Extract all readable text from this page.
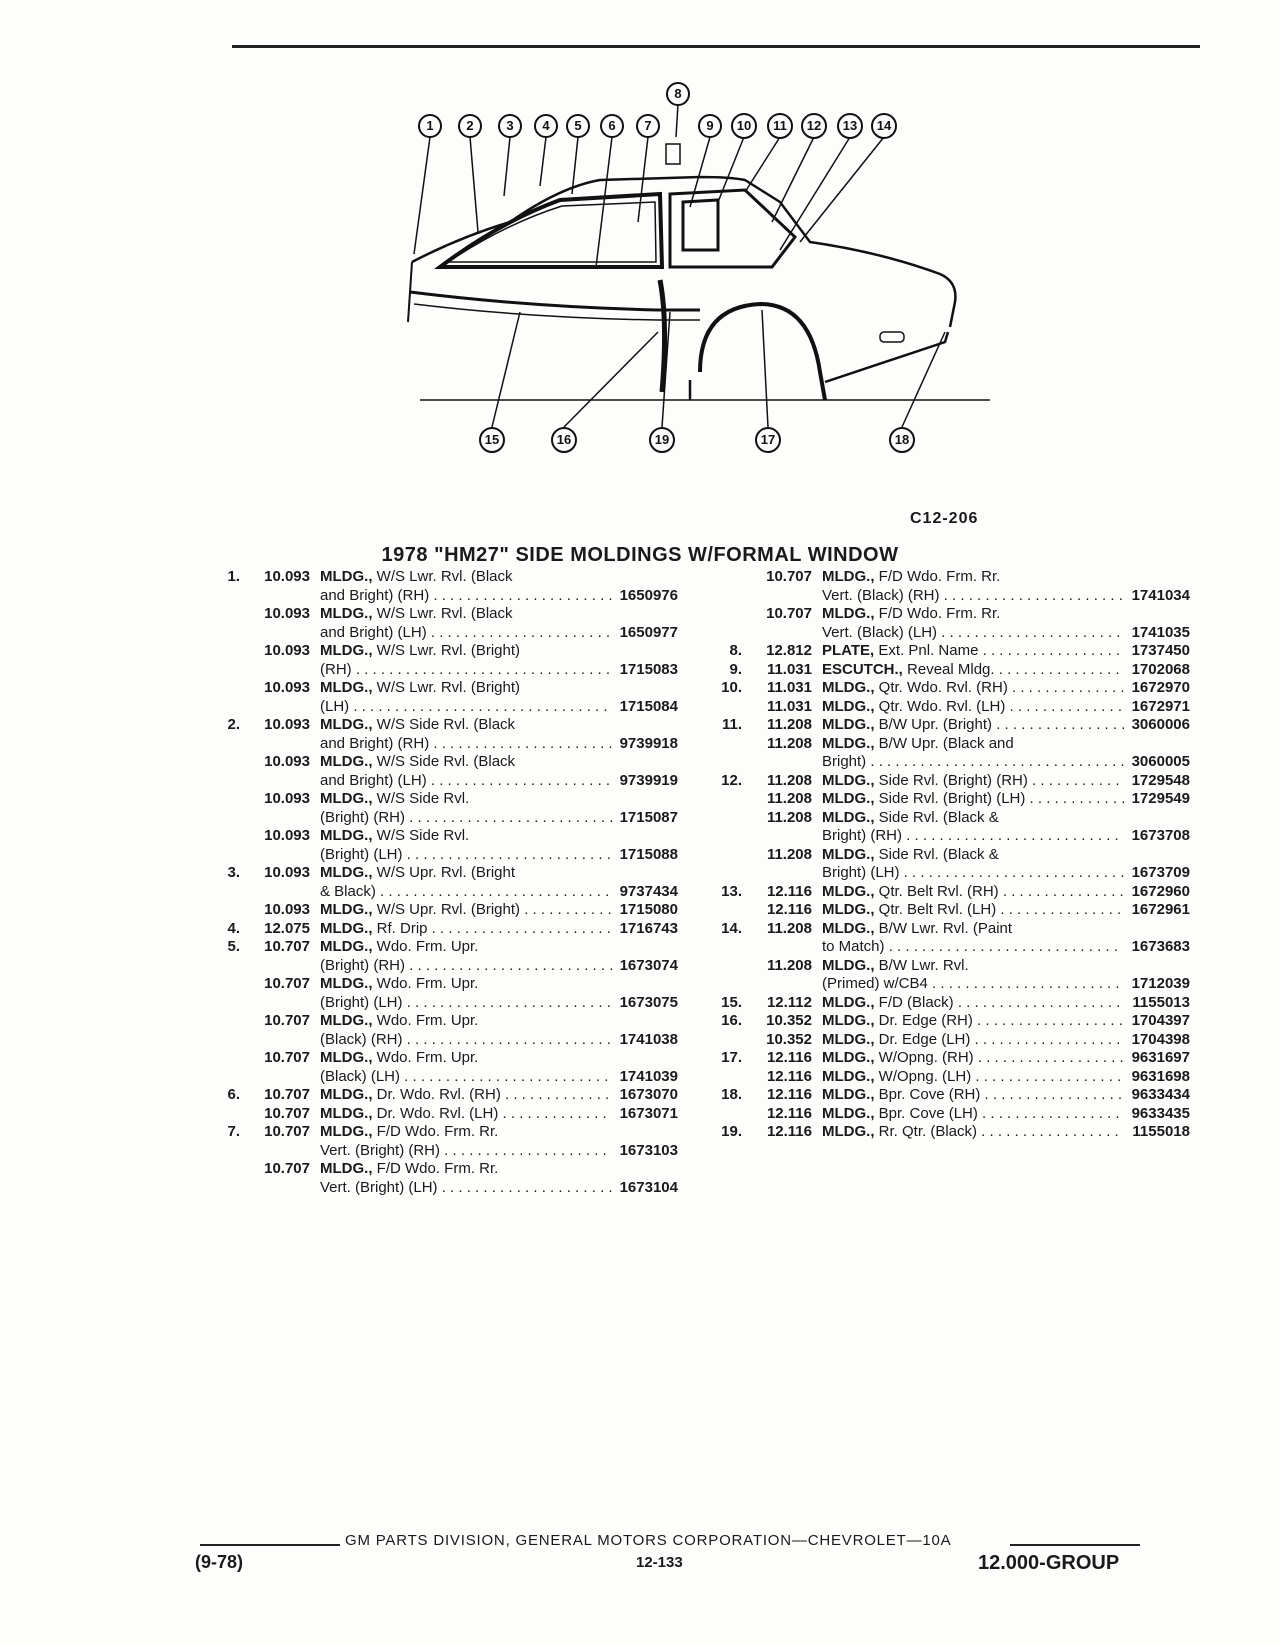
1	2	3 4 5 6 7
8
9 10 11 12 13 14
15	16	19	17	18
C12-206
1978 "HM27" SIDE MOLDINGS W/FORMAL WINDOW
1.	10.093 MLDG., W/S Lwr. Rvl. (Black
and Bright) (RH) . . . . . . . . . . . . . . . . . . . . . . 1650976
10.093 MLDG., W/S Lwr. Rvl. (Black
and Bright) (LH) . . . . . . . . . . . . . . . . . . . . . . 1650977
10.093 MLDG., W/S Lwr. Rvl. (Bright)
(RH) . . . . . . . . . . . . . . . . . . . . . . . . . . . . . . . 1715083
10.093 MLDG., W/S Lwr. Rvl. (Bright)
(LH) . . . . . . . . . . . . . . . . . . . . . . . . . . . . . . . 1715084
2.	10.093 MLDG., W/S Side Rvl. (Black
and Bright) (RH) . . . . . . . . . . . . . . . . . . . . . . 9739918
10.093 MLDG., W/S Side Rvl. (Black
and Bright) (LH) . . . . . . . . . . . . . . . . . . . . . . 9739919
10.093 MLDG., W/S Side Rvl.
(Bright) (RH) . . . . . . . . . . . . . . . . . . . . . . . . . 1715087
10.093 MLDG., W/S Side Rvl.
(Bright) (LH) . . . . . . . . . . . . . . . . . . . . . . . . . 1715088
3.	10.093 MLDG., W/S Upr. Rvl. (Bright
& Black) . . . . . . . . . . . . . . . . . . . . . . . . . . . . 9737434
10.093 MLDG., W/S Upr. Rvl. (Bright) . . . . . . . . . . . 1715080
4.	12.075 MLDG., Rf. Drip . . . . . . . . . . . . . . . . . . . . . . 1716743
5.	10.707 MLDG., Wdo. Frm. Upr.
(Bright) (RH) . . . . . . . . . . . . . . . . . . . . . . . . . 1673074
10.707 MLDG., Wdo. Frm. Upr.
(Bright) (LH) . . . . . . . . . . . . . . . . . . . . . . . . . 1673075
10.707 MLDG., Wdo. Frm. Upr.
(Black) (RH) . . . . . . . . . . . . . . . . . . . . . . . . . 1741038
10.707 MLDG., Wdo. Frm. Upr.
(Black) (LH) . . . . . . . . . . . . . . . . . . . . . . . . . 1741039
6.	10.707 MLDG., Dr. Wdo. Rvl. (RH) . . . . . . . . . . . . . 1673070
10.707 MLDG., Dr. Wdo. Rvl. (LH) . . . . . . . . . . . . . 1673071
7.	10.707 MLDG., F/D Wdo. Frm. Rr.
Vert. (Bright) (RH) . . . . . . . . . . . . . . . . . . . . 1673103
10.707 MLDG., F/D Wdo. Frm. Rr.
Vert. (Bright) (LH) . . . . . . . . . . . . . . . . . . . . . 1673104
10.707 MLDG., F/D Wdo. Frm. Rr.
Vert. (Black) (RH) . . . . . . . . . . . . . . . . . . . . . . 1741034
10.707 MLDG., F/D Wdo. Frm. Rr.
Vert. (Black) (LH) . . . . . . . . . . . . . . . . . . . . . . 1741035
8.	12.812 PLATE, Ext. Pnl. Name . . . . . . . . . . . . . . . . . 1737450
9.	11.031 ESCUTCH., Reveal Mldg. . . . . . . . . . . . . . . . 1702068
10.	11.031 MLDG., Qtr. Wdo. Rvl. (RH) . . . . . . . . . . . . . . 1672970
11.031 MLDG., Qtr. Wdo. Rvl. (LH) . . . . . . . . . . . . . . 1672971
11.	11.208 MLDG., B/W Upr. (Bright) . . . . . . . . . . . . . . . . 3060006
11.208 MLDG., B/W Upr. (Black and
Bright) . . . . . . . . . . . . . . . . . . . . . . . . . . . . . . . 3060005
12.	11.208 MLDG., Side Rvl. (Bright) (RH) . . . . . . . . . . . 1729548
11.208 MLDG., Side Rvl. (Bright) (LH) . . . . . . . . . . . . 1729549
11.208 MLDG., Side Rvl. (Black &
Bright) (RH) . . . . . . . . . . . . . . . . . . . . . . . . . . 1673708
11.208 MLDG., Side Rvl. (Black &
Bright) (LH) . . . . . . . . . . . . . . . . . . . . . . . . . . . 1673709
13.	12.116 MLDG., Qtr. Belt Rvl. (RH) . . . . . . . . . . . . . . . 1672960
12.116 MLDG., Qtr. Belt Rvl. (LH) . . . . . . . . . . . . . . . 1672961
14.	11.208 MLDG., B/W Lwr. Rvl. (Paint
to Match) . . . . . . . . . . . . . . . . . . . . . . . . . . . . 1673683
11.208 MLDG., B/W Lwr. Rvl.
(Primed) w/CB4 . . . . . . . . . . . . . . . . . . . . . . . 1712039
15.	12.112 MLDG., F/D (Black) . . . . . . . . . . . . . . . . . . . . 1155013
16.	10.352 MLDG., Dr. Edge (RH) . . . . . . . . . . . . . . . . . . 1704397
10.352 MLDG., Dr. Edge (LH) . . . . . . . . . . . . . . . . . . 1704398
17.	12.116 MLDG., W/Opng. (RH) . . . . . . . . . . . . . . . . . . 9631697
12.116 MLDG., W/Opng. (LH) . . . . . . . . . . . . . . . . . . 9631698
18.	12.116 MLDG., Bpr. Cove (RH) . . . . . . . . . . . . . . . . . 9633434
12.116 MLDG., Bpr. Cove (LH) . . . . . . . . . . . . . . . . . 9633435
19.	12.116 MLDG., Rr. Qtr. (Black) . . . . . . . . . . . . . . . . . 1155018
GM PARTS DIVISION, GENERAL MOTORS CORPORATION—CHEVROLET—10A
(9-78)	12-133	12.000-GROUP
